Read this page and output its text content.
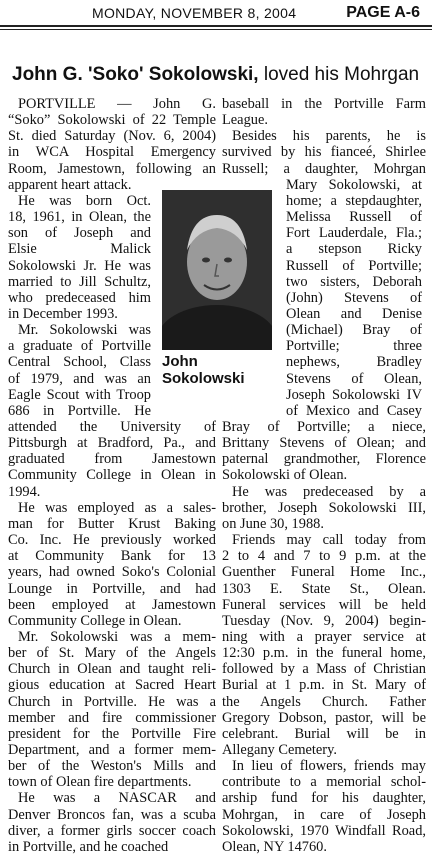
MONDAY, NOVEMBER 8, 2004	PAGE A-6
John G. 'Soko' Sokolowski, loved his Mohrgan
John
Sokolowski
PORTVILLE — John G.
“Soko” Sokolowski of 22 Temple
St. died Saturday (Nov. 6, 2004)
in WCA Hospital Emergency
Room, Jamestown, following an
apparent heart attack.
He was born Oct.
18, 1961, in Olean, the
son of Joseph and
Elsie Malick
Sokolowski Jr. He was
married to Jill Schultz,
who predeceased him
in December 1993.
Mr. Sokolowski was
a graduate of Portville
Central School, Class
of 1979, and was an
Eagle Scout with Troop
686 in Portville. He
attended the University of
Pittsburgh at Bradford, Pa., and
graduated from Jamestown
Community College in Olean in
1994.
He was employed as a sales-
man for Butter Krust Baking
Co. Inc. He previously worked
at Community Bank for 13
years, had owned Soko's Colonial
Lounge in Portville, and had
been employed at Jamestown
Community College in Olean.
Mr. Sokolowski was a mem-
ber of St. Mary of the Angels
Church in Olean and taught reli-
gious education at Sacred Heart
Church in Portville. He was a
member and fire commissioner
president for the Portville Fire
Department, and a former mem-
ber of the Weston's Mills and
town of Olean fire departments.
He was a NASCAR and
Denver Broncos fan, was a scuba
diver, a former girls soccer coach
in Portville, and he coached
baseball in the Portville Farm
League.
Besides his parents, he is
survived by his fianceé, Shirlee
Russell; a daughter, Mohrgan
Mary Sokolowski, at
home; a stepdaughter,
Melissa Russell of
Fort Lauderdale, Fla.;
a stepson Ricky
Russell of Portville;
two sisters, Deborah
(John) Stevens of
Olean and Denise
(Michael) Bray of
Portville; three
nephews, Bradley
Stevens of Olean,
Joseph Sokolowski IV
of Mexico and Casey
Bray of Portville; a niece,
Brittany Stevens of Olean; and
paternal grandmother, Florence
Sokolowski of Olean.
He was predeceased by a
brother, Joseph Sokolowski III,
on June 30, 1988.
Friends may call today from
2 to 4 and 7 to 9 p.m. at the
Guenther Funeral Home Inc.,
1303 E. State St., Olean.
Funeral services will be held
Tuesday (Nov. 9, 2004) begin-
ning with a prayer service at
12:30 p.m. in the funeral home,
followed by a Mass of Christian
Burial at 1 p.m. in St. Mary of
the Angels Church. Father
Gregory Dobson, pastor, will be
celebrant. Burial will be in
Allegany Cemetery.
In lieu of flowers, friends may
contribute to a memorial schol-
arship fund for his daughter,
Mohrgan, in care of Joseph
Sokolowski, 1970 Windfall Road,
Olean, NY 14760.
